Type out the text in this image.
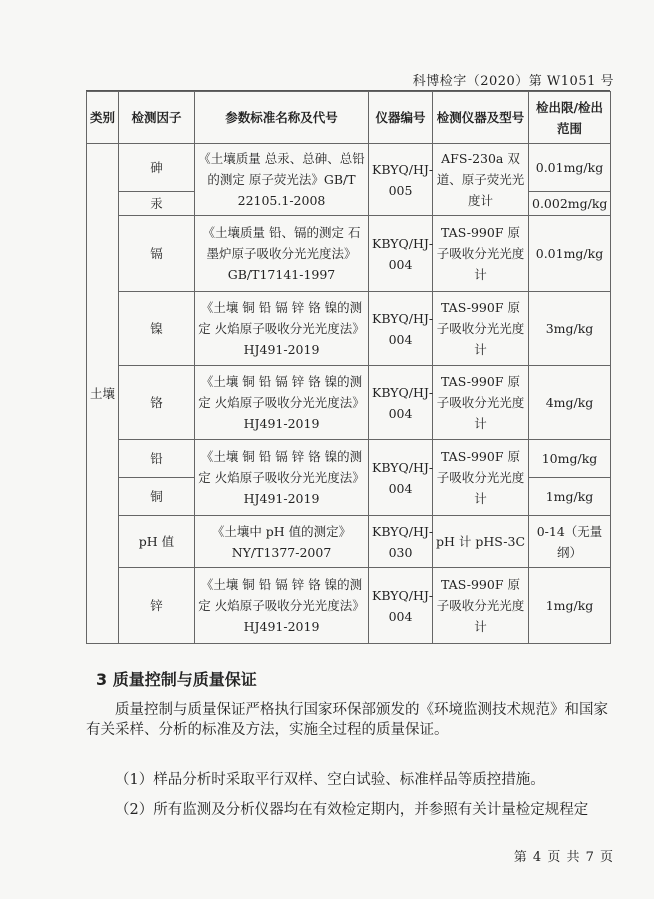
科博检字（2020）第 W1051 号
类别	检测因子	参数标准名称及代号	仪器编号	检测仪器及型号	检出限/检出范围
土壤	砷	《土壤质量 总汞、总砷、总铅的测定 原子荧光法》GB/T 22105.1-2008	KBYQ/HJ-005	AFS-230a 双道、原子荧光光度计	0.01mg/kg
	汞				0.002mg/kg
	镉	《土壤质量 铅、镉的测定 石墨炉原子吸收分光光度法》GB/T17141-1997	KBYQ/HJ-004	TAS-990F 原子吸收分光光度计	0.01mg/kg
	镍	《土壤 铜 铅 镉 锌 铬 镍的测定 火焰原子吸收分光光度法》HJ491-2019	KBYQ/HJ-004	TAS-990F 原子吸收分光光度计	3mg/kg
	铬	《土壤 铜 铅 镉 锌 铬 镍的测定 火焰原子吸收分光光度法》HJ491-2019	KBYQ/HJ-004	TAS-990F 原子吸收分光光度计	4mg/kg
	铅	《土壤 铜 铅 镉 锌 铬 镍的测定 火焰原子吸收分光光度法》HJ491-2019	KBYQ/HJ-004	TAS-990F 原子吸收分光光度计	10mg/kg
	铜				1mg/kg
	pH 值	《土壤中 pH 值的测定》NY/T1377-2007	KBYQ/HJ-030	pH 计 pHS-3C	0-14（无量纲）
	锌	《土壤 铜 铅 镉 锌 铬 镍的测定 火焰原子吸收分光光度法》HJ491-2019	KBYQ/HJ-004	TAS-990F 原子吸收分光光度计	1mg/kg
3 质量控制与质量保证
质量控制与质量保证严格执行国家环保部颁发的《环境监测技术规范》和国家有关采样、分析的标准及方法，实施全过程的质量保证。
（1）样品分析时采取平行双样、空白试验、标准样品等质控措施。
（2）所有监测及分析仪器均在有效检定期内，并参照有关计量检定规程定
第 4 页 共 7 页
